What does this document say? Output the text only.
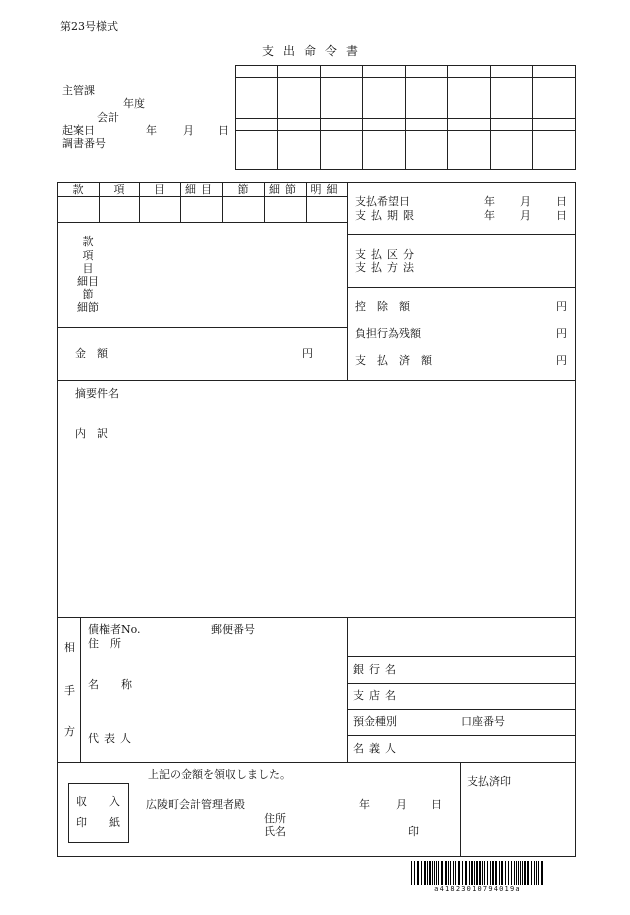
第23号様式
支出命令書
主管課
年度
会計
起案日	年 月 日
調書番号
款	項	目	細目	節	細節 明細
款
項
目
細目
節
細節
金　額	円
支払希望日	年 月 日
支払期限	年 月 日
支払区分
支払方法
控　除　額	円
負担行為残額	円
支　払　済　額	円
摘要件名
内　訳
相
手
方
債権者No.	郵便番号
住　所
名　　称
代表人
銀行名
支店名
預金種別	口座番号
名義人
収　　入
印　　紙
上記の金額を領収しました。
広陵町会計管理者殿	年 月 日
住所
氏名	印
支払済印
a41823010794019a
